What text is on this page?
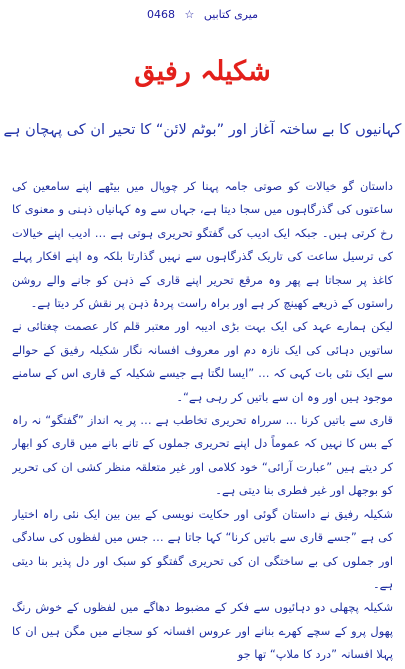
میری کتابیں ☆ 0468
شکیلہ رفیق
کہانیوں کا بے ساختہ آغاز اور ”بوٹم لائن“ کا تحیر ان کی پہچان ہے

داستان گو خیالات کو صوتی جامہ پہنا کر چوپال میں بیٹھے اپنے سامعین کی ساعتوں کی گذرگاہوں میں سجا دیتا ہے، جہاں سے وہ کہانیاں ذہنی و معنوی کا رخ کرتی ہیں۔ جبکہ ایک ادیب کی گفتگو تحریری ہوتی ہے … ادیب اپنے خیالات کی ترسیل ساعت کی تاریک گذرگاہوں سے نہیں گذارتا بلکہ وہ اپنے افکار پہلے کاغذ پر سجاتا ہے پھر وہ مرقع تحریر اپنے قاری کے ذہن کو جانے والے روشن راستوں کے ذریعے کھینچ کر ہے اور براہ راست پردۂ ذہن پر نقش کر دیتا ہے۔

لیکن ہمارے عہد کی ایک بہت بڑی ادیبہ اور معتبر قلم کار عصمت چغتائی نے ساتویں دہائی کی ایک نازہ دم اور معروف افسانہ نگار شکیلہ رفیق کے حوالے سے ایک نئی بات کہی کہ … ”ایسا لگتا ہے جیسے شکیلہ کے قاری اس کے سامنے موجود ہیں اور وہ ان سے باتیں کر رہی ہے“۔

قاری سے باتیں کرنا … سرراہ تحریری تخاطب ہے … پر یہ انداز ”گفتگو“ نہ راہ کے بس کا نہیں کہ عموماً دل اپنے تحریری جملوں کے تانے بانے میں قاری کو ابھار کر دیتے ہیں ”عبارت آرائی“ خود کلامی اور غیر متعلقہ منظر کشی ان کی تحریر کو بوجھل اور غیر فطری بنا دیتی ہے۔

شکیلہ رفیق نے داستان گوئی اور حکایت نویسی کے بین بین ایک نئی راہ اختیار کی ہے ”جسے قاری سے باتیں کرنا“ کہا جاتا ہے … جس میں لفظوں کی سادگی اور جملوں کی بے ساختگی ان کی تحریری گفتگو کو سبک اور دل پذیر بنا دیتی ہے۔

شکیلہ پچھلی دو دہائیوں سے فکر کے مضبوط دھاگے میں لفظوں کے خوش رنگ پھول پرو کے سچے کھرے بنانے اور عروس افسانہ کو سجانے میں مگن ہیں ان کا پہلا افسانہ ”درد کا ملاپ“ تھا جو
